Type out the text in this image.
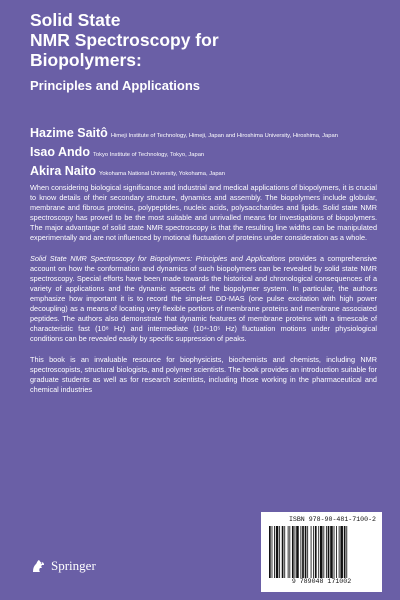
Solid State
NMR Spectroscopy for
Biopolymers:
Principles and Applications
Hazime Saitô Himeji Institute of Technology, Himeji, Japan and Hiroshima University, Hiroshima, Japan
Isao Ando Tokyo Institute of Technology, Tokyo, Japan
Akira Naito Yokohama National University, Yokohama, Japan

When considering biological significance and industrial and medical applications of biopolymers, it is crucial to know details of their secondary structure, dynamics and assembly. The biopolymers include globular, membrane and fibrous proteins, polypeptides, nucleic acids, polysaccharides and lipids. Solid state NMR spectroscopy has proved to be the most suitable and unrivalled means for investigations of biopolymers. The major advantage of solid state NMR spectroscopy is that the resulting line widths can be manipulated experimentally and are not influenced by motional fluctuation of proteins under consideration as a whole.

Solid State NMR Spectroscopy for Biopolymers: Principles and Applications provides a comprehensive account on how the conformation and dynamics of such biopolymers can be revealed by solid state NMR spectroscopy. Special efforts have been made towards the historical and chronological consequences of a variety of applications and the dynamic aspects of the biopolymer system. In particular, the authors emphasize how important it is to record the simplest DD-MAS (one pulse excitation with high power decoupling) as a means of locating very flexible portions of membrane proteins and membrane associated peptides. The authors also demonstrate that dynamic features of membrane proteins with a timescale of characteristic fast (10⁸ Hz) and intermediate (10⁴-10⁵ Hz) fluctuation motions under physiological conditions can be revealed easily by specific suppression of peaks.

This book is an invaluable resource for biophysicists, biochemists and chemists, including NMR spectroscopists, structural biologists, and polymer scientists. The book provides an introduction suitable for graduate students as well as for research scientists, including those working in the pharmaceutical and chemical industries

Springer
ISBN 978-90-481-7100-2
9 789048 171002
